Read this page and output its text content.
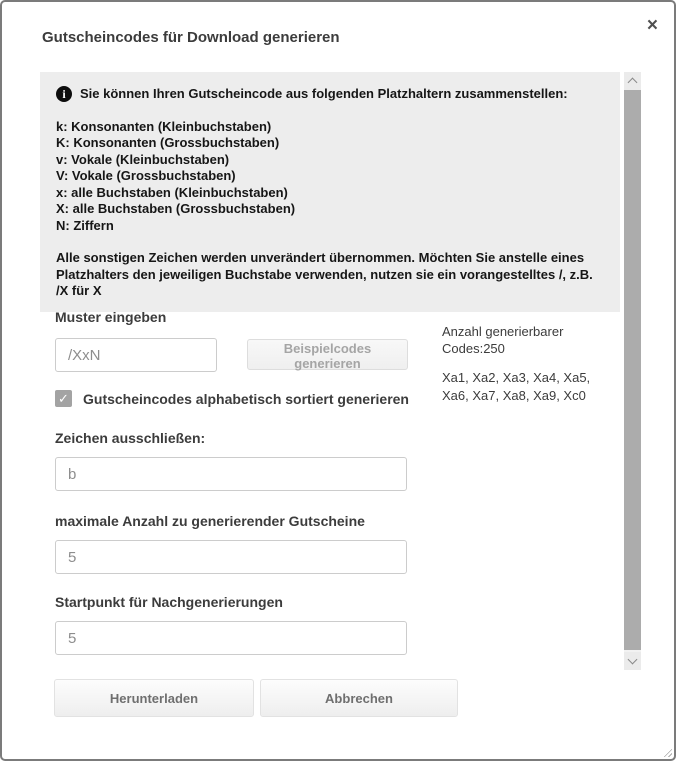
Gutscheincodes für Download generieren
×

i	Sie können Ihren Gutscheincode aus folgenden Platzhaltern zusammenstellen:

k: Konsonanten (Kleinbuchstaben)

K: Konsonanten (Grossbuchstaben)

v: Vokale (Kleinbuchstaben)

V: Vokale (Grossbuchstaben)

x: alle Buchstaben (Kleinbuchstaben)

X: alle Buchstaben (Grossbuchstaben)

N: Ziffern

Alle sonstigen Zeichen werden unverändert übernommen. Möchten Sie anstelle eines Platzhalters den jeweiligen Buchstabe verwenden, nutzen sie ein vorangestelltes /, z.B. /X für X

Muster eingeben
/XxN
Beispielcodes generieren
Anzahl generierbarer Codes:250
Xa1, Xa2, Xa3, Xa4, Xa5, Xa6, Xa7, Xa8, Xa9, Xc0
✓ Gutscheincodes alphabetisch sortiert generieren
Zeichen ausschließen:
b
maximale Anzahl zu generierender Gutscheine
5
Startpunkt für Nachgenerierungen
5
Herunterladen	Abbrechen
